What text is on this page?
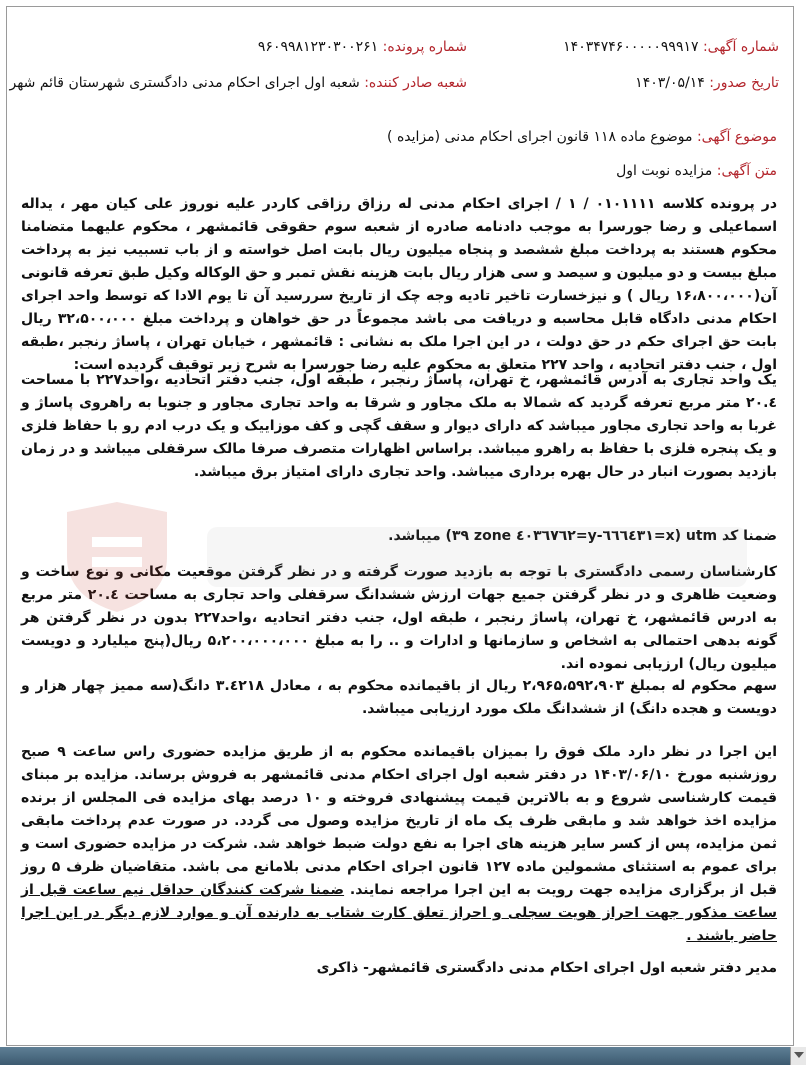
شماره آگهی: ۱۴۰۳۴۷۴۶۰۰۰۰۰۹۹۹۱۷
شماره پرونده: ۹۶۰۹۹۸۱۲۳۰۳۰۰۲۶۱
تاریخ صدور: ۱۴۰۳/۰۵/۱۴
شعبه صادر کننده: شعبه اول اجرای احکام مدنی دادگستری شهرستان قائم شهر
موضوع آگهی: موضوع ماده ۱۱۸ قانون اجرای احکام مدنی (مزایده )
متن آگهی: مزایده نوبت اول
در پرونده کلاسه ۰۱۰۱۱۱۱ / ۱ / اجرای احکام مدنی له رزاق رزاقی کاردر علیه نوروز علی کیان مهر ، یداله اسماعیلی و رضا جورسرا به موجب دادنامه صادره از شعبه سوم حقوقی قائمشهر ، محکوم علیهما متضامنا محکوم هستند به پرداخت مبلغ ششصد و پنجاه میلیون ریال بابت اصل خواسته و از باب تسبیب نیز به پرداخت مبلغ بیست و دو میلیون و سیصد و سی هزار ریال بابت هزینه نقش تمبر و حق الوکاله وکیل طبق تعرفه قانونی آن(۱۶،۸۰۰،۰۰۰ ریال ) و نیزخسارت تاخیر تادیه وجه چک از تاریخ سررسید آن تا یوم الادا که توسط واحد اجرای احکام مدنی دادگاه قابل محاسبه و دریافت می باشد مجموعاً در حق خواهان و پرداخت مبلغ ۳۲،۵۰۰،۰۰۰ ریال بابت حق اجرای حکم در حق دولت ، در این اجرا ملک به نشانی : قائمشهر ، خیابان تهران ، پاساژ رنجبر ،طبقه اول ، جنب دفتر اتحادیه ، واحد ۲۲۷ متعلق به محکوم علیه رضا جورسرا به شرح زیر توقیف گردیده است:
یک واحد تجاری به آدرس قائمشهر، خ تهران، پاساژ رنجبر ، طبقه اول، جنب دفتر اتحادیه ،واحد۲۲۷ با مساحت ۲۰.٤ متر مربع تعرفه گردید که شمالا به ملک مجاور و شرقا به واحد تجاری مجاور و جنوبا به راهروی پاساژ و غربا به واحد تجاری مجاور میباشد که دارای دیوار و سقف گچی و کف موزاییک و یک درب ادم رو با حفاظ فلزی و یک پنجره فلزی با حفاظ به راهرو میباشد. براساس اظهارات متصرف صرفا مالک سرقفلی میباشد و در زمان بازدید بصورت انبار در حال بهره برداری میباشد. واحد تجاری دارای امتیاز برق میباشد.
ضمنا کد utm (x=٦٦٦٤٣١-y=٤٠٣٦٧٦٢ zone ٣٩) میباشد.
کارشناسان رسمی دادگستری با توجه به بازدید صورت گرفته و در نظر گرفتن موقعیت مکانی و نوع ساخت و وضعیت ظاهری و در نظر گرفتن جمیع جهات ارزش ششدانگ سرقفلی واحد تجاری به مساحت ۲۰.٤ متر مربع به ادرس قائمشهر، خ تهران، پاساژ رنجبر ، طبقه اول، جنب دفتر اتحادیه ،واحد۲۲۷ بدون در نظر گرفتن هر گونه بدهی احتمالی به اشخاص و سازمانها و ادارات و .. را به مبلغ ۵،۲۰۰،۰۰۰،۰۰۰ ریال(پنج میلیارد و دویست میلیون ریال) ارزیابی نموده اند.
سهم محکوم له بمبلغ ۲،۹۶۵،۵۹۲،۹۰۳ ریال از باقیمانده محکوم به ، معادل ۳.٤۲۱۸ دانگ(سه ممیز چهار هزار و دویست و هجده دانگ) از ششدانگ ملک مورد ارزیابی میباشد.
این اجرا در نظر دارد ملک فوق را بمیزان باقیمانده محکوم به از طریق مزایده حضوری راس ساعت ۹ صبح روزشنبه مورخ ۱۴۰۳/۰۶/۱۰ در دفتر شعبه اول اجرای احکام مدنی قائمشهر به فروش برساند. مزایده بر مبنای قیمت کارشناسی شروع و به بالاترین قیمت پیشنهادی فروخته و ۱۰ درصد بهای مزایده فی المجلس از برنده مزایده اخذ خواهد شد و مابقی ظرف یک ماه از تاریخ مزایده وصول می گردد. در صورت عدم پرداخت مابقی ثمن مزایده، پس از کسر سایر هزینه های اجرا به نفع دولت ضبط خواهد شد. شرکت در مزایده حضوری است و برای عموم به استثنای مشمولین ماده ۱۲۷ قانون اجرای احکام مدنی بلامانع می باشد. متقاضیان ظرف ۵ روز قبل از برگزاری مزایده جهت رویت به این اجرا مراجعه نمایند. ضمنا شرکت کنندگان حداقل نیم ساعت قبل از ساعت مذکور جهت احراز هویت سجلی و احراز تعلق کارت شتاب به دارنده آن و موارد لازم دیگر در این اجرا حاضر باشند .
مدیر دفتر شعبه اول اجرای احکام مدنی دادگستری قائمشهر- ذاکری
